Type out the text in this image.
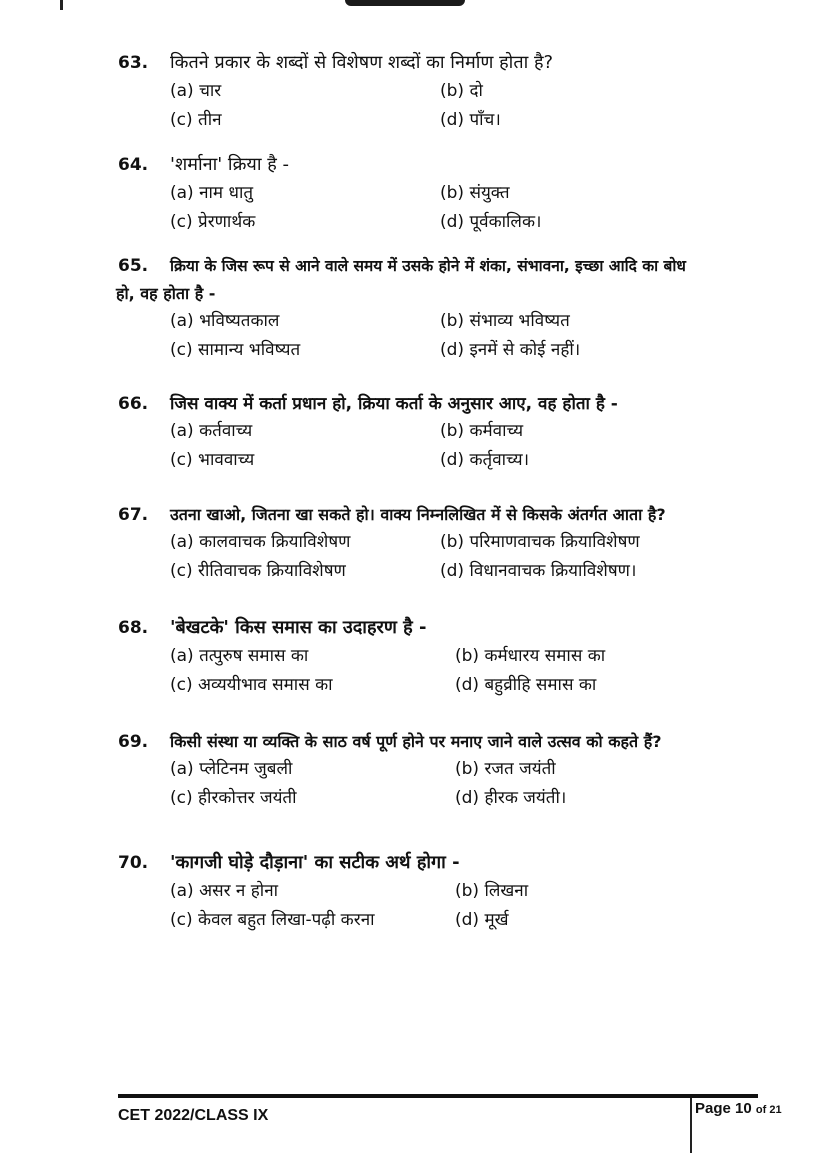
63.	कितने प्रकार के शब्दों से विशेषण शब्दों का निर्माण होता है?
(a) चार	(b) दो
(c) तीन	(d) पाँच।
64.	'शर्माना' क्रिया है -
(a) नाम धातु	(b) संयुक्त
(c) प्रेरणार्थक	(d) पूर्वकालिक।
65.	क्रिया के जिस रूप से आने वाले समय में उसके होने में शंका, संभावना, इच्छा आदि का बोध
हो, वह होता है -
(a) भविष्यतकाल	(b) संभाव्य भविष्यत
(c) सामान्य भविष्यत	(d) इनमें से कोई नहीं।
66.	जिस वाक्य में कर्ता प्रधान हो, क्रिया कर्ता के अनुसार आए, वह होता है -
(a) कर्तवाच्य	(b) कर्मवाच्य
(c) भाववाच्य	(d) कर्तृवाच्य।
67.	उतना खाओ, जितना खा सकते हो। वाक्य निम्नलिखित में से किसके अंतर्गत आता है?
(a) कालवाचक क्रियाविशेषण	(b) परिमाणवाचक क्रियाविशेषण
(c) रीतिवाचक क्रियाविशेषण	(d) विधानवाचक क्रियाविशेषण।
68.	'बेखटके' किस समास का उदाहरण है -
(a) तत्पुरुष समास का	(b) कर्मधारय समास का
(c) अव्ययीभाव समास का	(d) बहुव्रीहि समास का
69.	किसी संस्था या व्यक्ति के साठ वर्ष पूर्ण होने पर मनाए जाने वाले उत्सव को कहते हैं?
(a) प्लेटिनम जुबली	(b) रजत जयंती
(c) हीरकोत्तर जयंती	(d) हीरक जयंती।
70.	'कागजी घोड़े दौड़ाना' का सटीक अर्थ होगा -
(a) असर न होना	(b) लिखना
(c) केवल बहुत लिखा-पढ़ी करना	(d) मूर्ख
CET 2022/CLASS IX	Page 10 of 21
